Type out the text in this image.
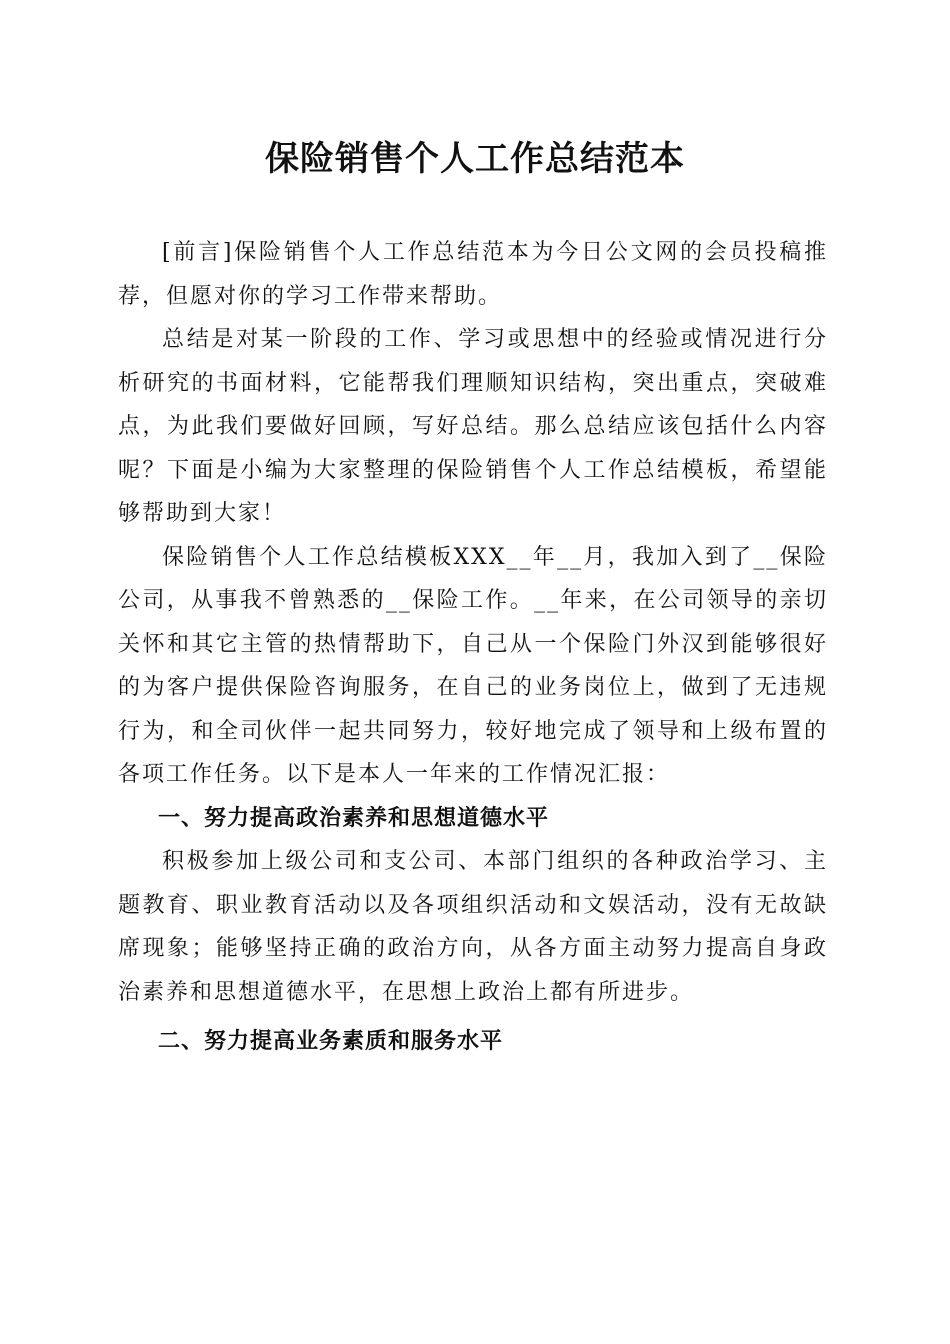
保险销售个人工作总结范本

[前言]保险销售个人工作总结范本为今日公文网的会员投稿推荐，但愿对你的学习工作带来帮助。

总结是对某一阶段的工作、学习或思想中的经验或情况进行分析研究的书面材料，它能帮我们理顺知识结构，突出重点，突破难点，为此我们要做好回顾，写好总结。那么总结应该包括什么内容呢？下面是小编为大家整理的保险销售个人工作总结模板，希望能够帮助到大家！

保险销售个人工作总结模板XXX__年__月，我加入到了__保险公司，从事我不曾熟悉的__保险工作。__年来，在公司领导的亲切关怀和其它主管的热情帮助下，自己从一个保险门外汉到能够很好的为客户提供保险咨询服务，在自己的业务岗位上，做到了无违规行为，和全司伙伴一起共同努力，较好地完成了领导和上级布置的各项工作任务。以下是本人一年来的工作情况汇报：

一、努力提高政治素养和思想道德水平

积极参加上级公司和支公司、本部门组织的各种政治学习、主题教育、职业教育活动以及各项组织活动和文娱活动，没有无故缺席现象；能够坚持正确的政治方向，从各方面主动努力提高自身政治素养和思想道德水平，在思想上政治上都有所进步。

二、努力提高业务素质和服务水平
